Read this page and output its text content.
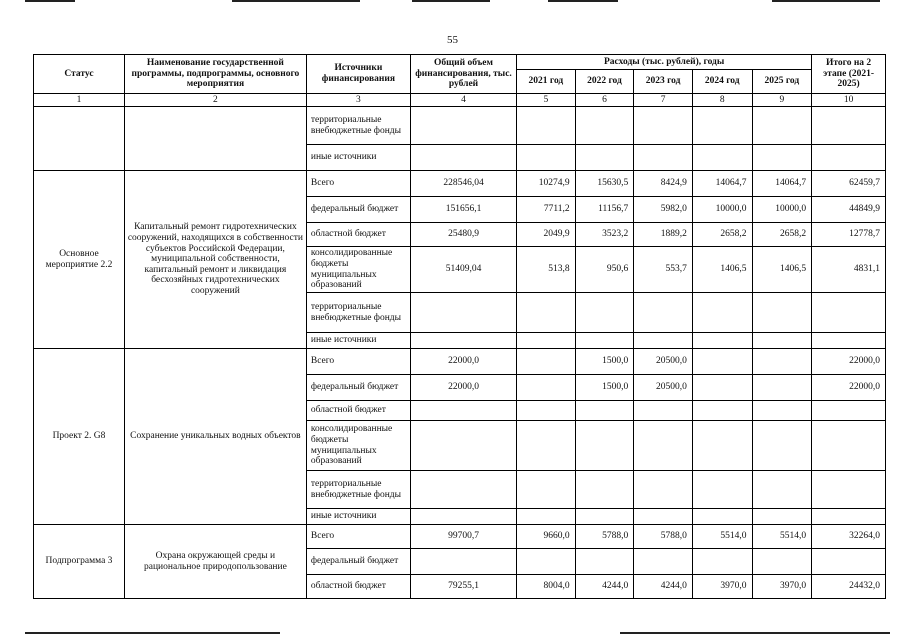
55
Статус	Наименование государственной программы, подпрограммы, основного мероприятия	Источники финансирования	Общий объем финансирования, тыс. рублей	Расходы (тыс. рублей), годы					Итого на 2 этапе (2021-2025)
				2021 год	2022 год	2023 год	2024 год	2025 год	
1	2	3	4	5	6	7	8	9	10
		территориальные внебюджетные фонды							
		иные источники							
Основное мероприятие 2.2	Капитальный ремонт гидротехнических сооружений, находящихся в собственности субъектов Российской Федерации, муниципальной собственности, капитальный ремонт и ликвидация бесхозяйных гидротехнических сооружений	Всего	228546,04	10274,9	15630,5	8424,9	14064,7	14064,7	62459,7
		федеральный бюджет	151656,1	7711,2	11156,7	5982,0	10000,0	10000,0	44849,9
		областной бюджет	25480,9	2049,9	3523,2	1889,2	2658,2	2658,2	12778,7
		консолидированные бюджеты муниципальных образований	51409,04	513,8	950,6	553,7	1406,5	1406,5	4831,1
		территориальные внебюджетные фонды							
		иные источники							
Проект 2. G8	Сохранение уникальных водных объектов	Всего	22000,0		1500,0	20500,0			22000,0
		федеральный бюджет	22000,0		1500,0	20500,0			22000,0
		областной бюджет							
		консолидированные бюджеты муниципальных образований							
		территориальные внебюджетные фонды							
		иные источники							
Подпрограмма 3	Охрана окружающей среды и рациональное природопользование	Всего	99700,7	9660,0	5788,0	5788,0	5514,0	5514,0	32264,0
		федеральный бюджет							
		областной бюджет	79255,1	8004,0	4244,0	4244,0	3970,0	3970,0	24432,0
